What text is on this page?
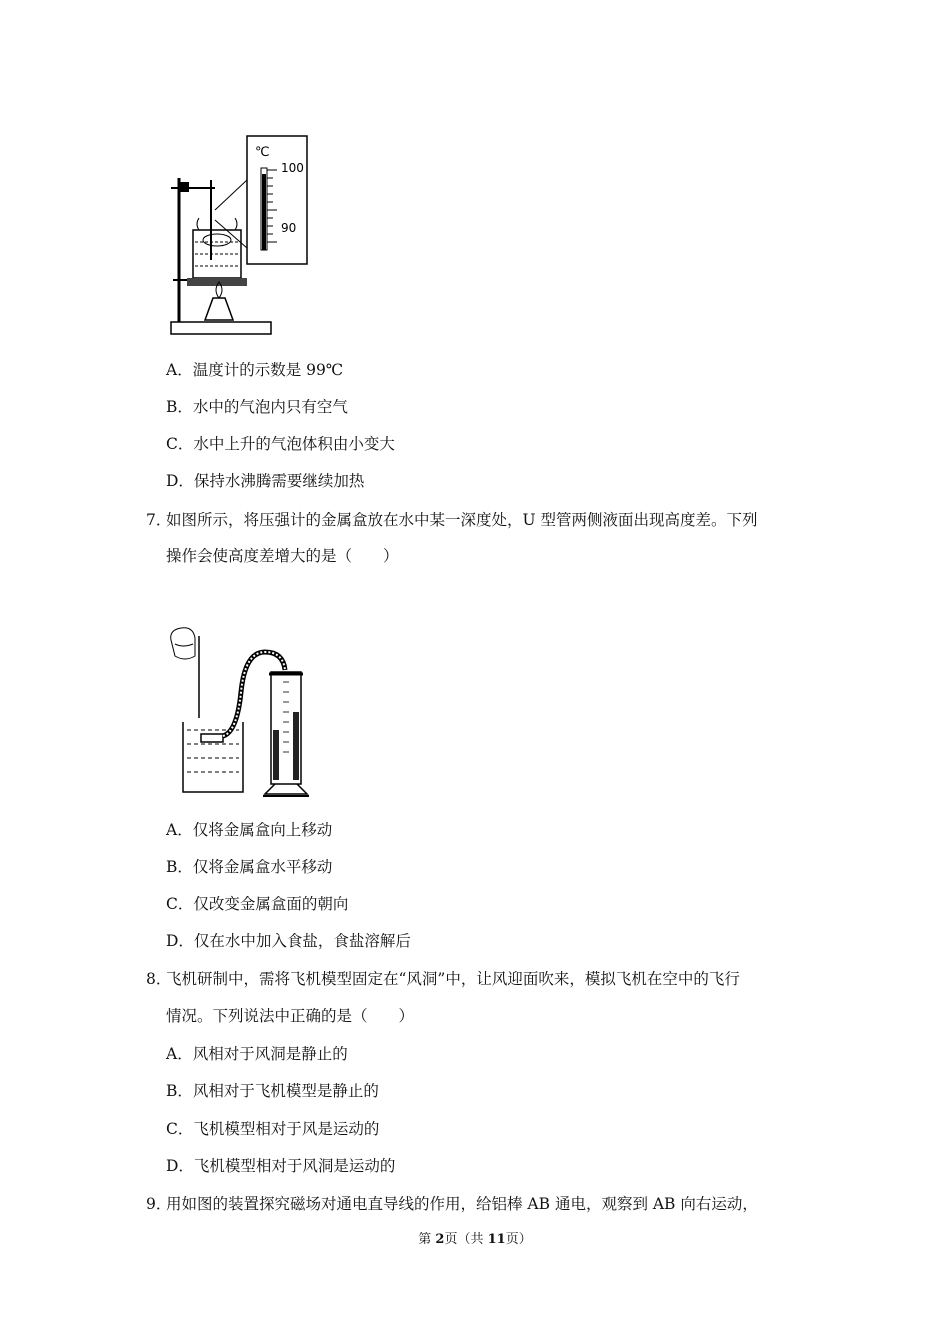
℃
100
90
A．温度计的示数是 99℃
B．水中的气泡内只有空气
C．水中上升的气泡体积由小变大
D．保持水沸腾需要继续加热
7．
如图所示，将压强计的金属盒放在水中某一深度处，U 型管两侧液面出现高度差。下列
操作会使高度差增大的是（　　）
A．仅将金属盒向上移动
B．仅将金属盒水平移动
C．仅改变金属盒面的朝向
D．仅在水中加入食盐，食盐溶解后
8．
飞机研制中，需将飞机模型固定在“风洞”中，让风迎面吹来，模拟飞机在空中的飞行
情况。下列说法中正确的是（　　）
A．风相对于风洞是静止的
B．风相对于飞机模型是静止的
C．飞机模型相对于风是运动的
D．飞机模型相对于风洞是运动的
9．
用如图的装置探究磁场对通电直导线的作用，给铝棒 AB 通电，观察到 AB 向右运动，
第 2页（共 11页）
